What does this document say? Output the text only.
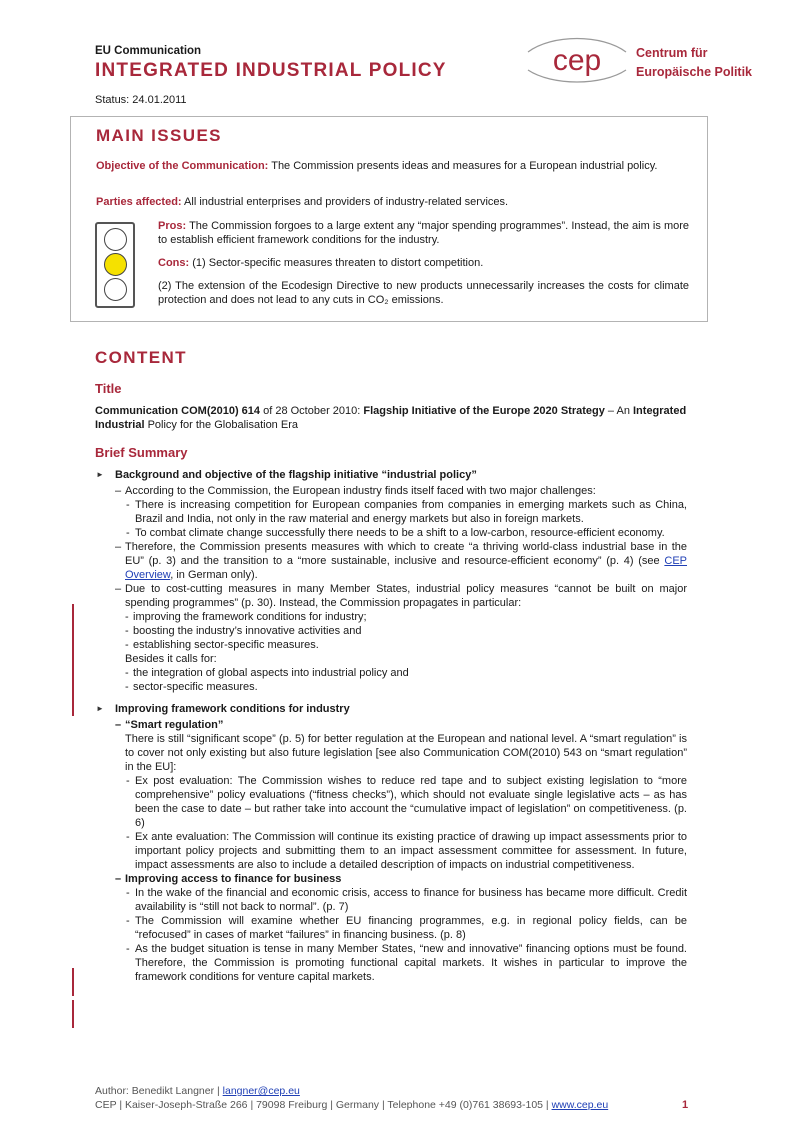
EU Communication
INTEGRATED INDUSTRIAL POLICY
Status: 24.01.2011
cep	Centrum für
Europäische Politik
MAIN ISSUES
Objective of the Communication: The Commission presents ideas and measures for a European industrial policy.
Parties affected: All industrial enterprises and providers of industry-related services.
Pros: The Commission forgoes to a large extent any “major spending programmes”. Instead, the aim is more to establish efficient framework conditions for the industry.
Cons: (1) Sector-specific measures threaten to distort competition.
(2) The extension of the Ecodesign Directive to new products unnecessarily increases the costs for climate protection and does not lead to any cuts in CO₂ emissions.
CONTENT
Title
Communication COM(2010) 614 of 28 October 2010: Flagship Initiative of the Europe 2020 Strategy – An Integrated Industrial Policy for the Globalisation Era
Brief Summary
► Background and objective of the flagship initiative “industrial policy”
– According to the Commission, the European industry finds itself faced with two major challenges:
- There is increasing competition for European companies from companies in emerging markets such as China, Brazil and India, not only in the raw material and energy markets but also in foreign markets.
- To combat climate change successfully there needs to be a shift to a low-carbon, resource-efficient economy.
– Therefore, the Commission presents measures with which to create “a thriving world-class industrial base in the EU” (p. 3) and the transition to a “more sustainable, inclusive and resource-efficient economy” (p. 4) (see CEP Overview, in German only).
– Due to cost-cutting measures in many Member States, industrial policy measures “cannot be built on major spending programmes” (p. 30). Instead, the Commission propagates in particular:
- improving the framework conditions for industry;
- boosting the industry’s innovative activities and
- establishing sector-specific measures.
Besides it calls for:
- the integration of global aspects into industrial policy and
- sector-specific measures.
► Improving framework conditions for industry
– “Smart regulation”
There is still “significant scope” (p. 5) for better regulation at the European and national level. A “smart regulation” is to cover not only existing but also future legislation [see also Communication COM(2010) 543 on “smart regulation” in the EU]:
- Ex post evaluation: The Commission wishes to reduce red tape and to subject existing legislation to “more comprehensive” policy evaluations (“fitness checks”), which should not evaluate single legislative acts – as has been the case to date – but rather take into account the “cumulative impact of legislation” on competitiveness. (p. 6)
- Ex ante evaluation: The Commission will continue its existing practice of drawing up impact assessments prior to important policy projects and submitting them to an impact assessment committee for assessment. In future, impact assessments are also to include a detailed description of impacts on industrial competitiveness.
– Improving access to finance for business
- In the wake of the financial and economic crisis, access to finance for business has became more difficult. Credit availability is “still not back to normal”. (p. 7)
- The Commission will examine whether EU financing programmes, e.g. in regional policy fields, can be “refocused” in cases of market “failures” in financing business. (p. 8)
- As the budget situation is tense in many Member States, “new and innovative” financing options must be found. Therefore, the Commission is promoting functional capital markets. It wishes in particular to improve the framework conditions for venture capital markets.
Author: Benedikt Langner | langner@cep.eu
CEP | Kaiser-Joseph-Straße 266 | 79098 Freiburg | Germany | Telephone +49 (0)761 38693-105 | www.cep.eu	1
